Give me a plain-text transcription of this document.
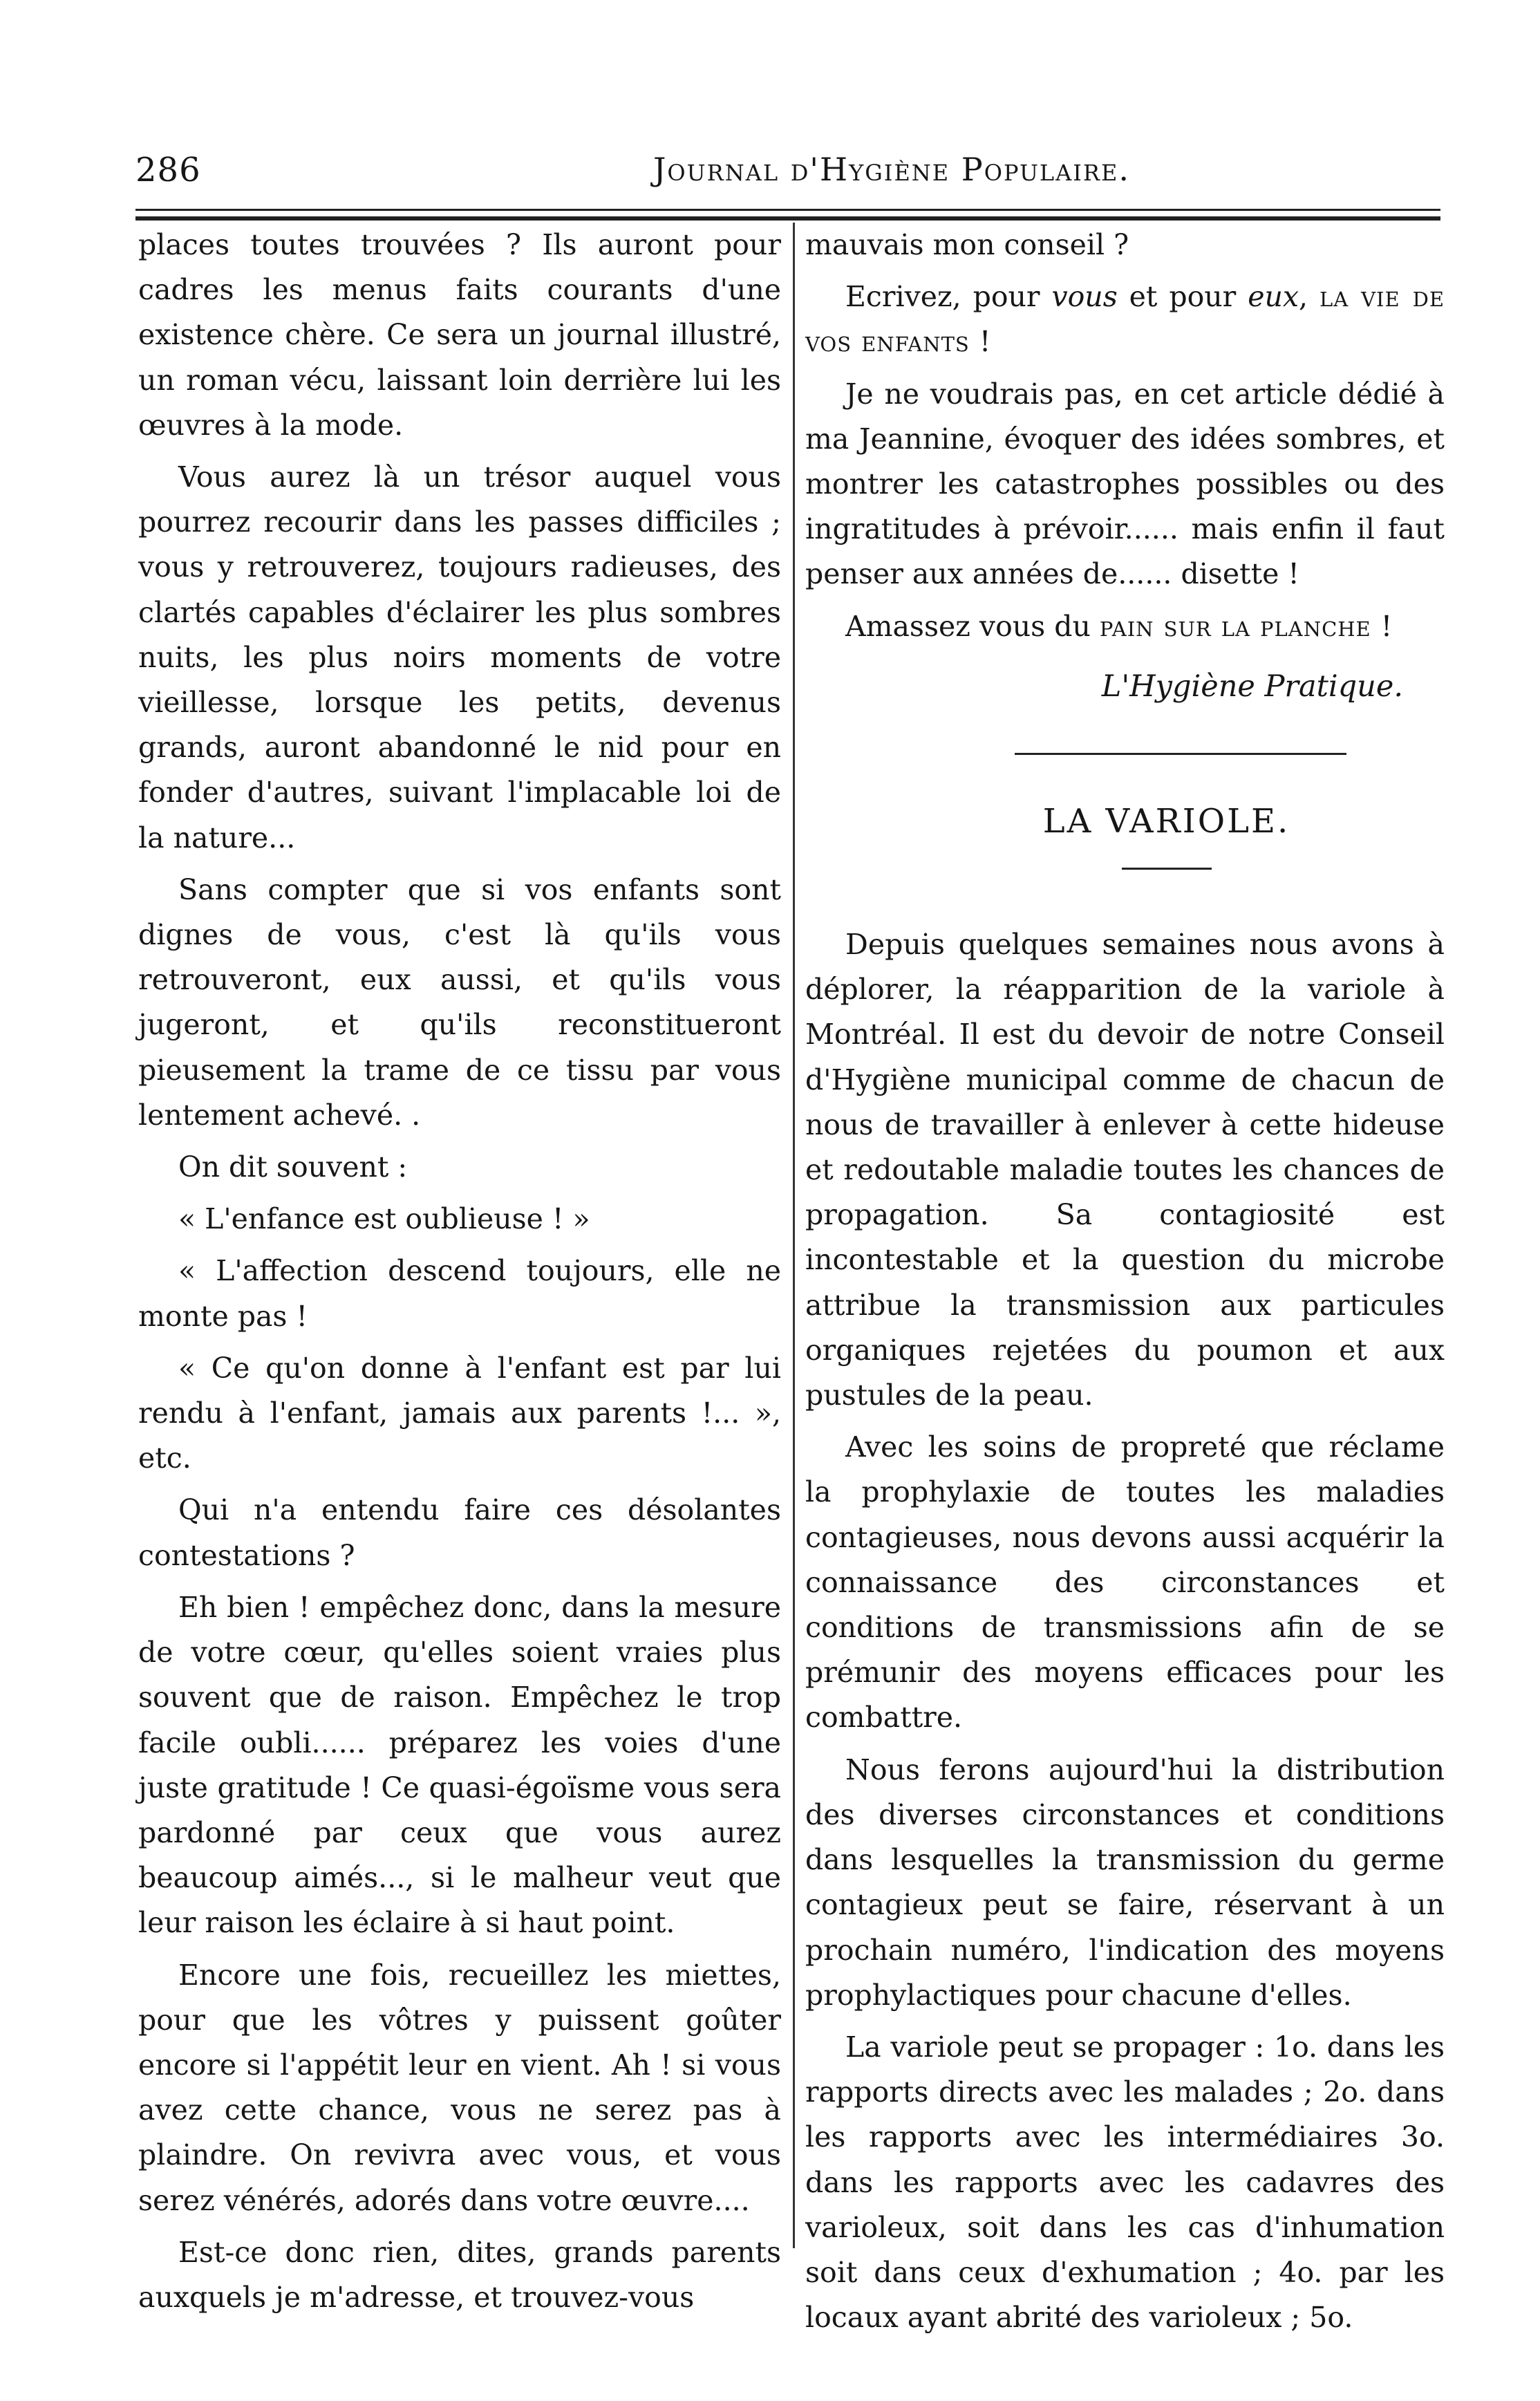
286	Journal d'Hygiène Populaire.

places toutes trouvées ? Ils auront pour cadres les menus faits courants d'une existence chère. Ce sera un journal illustré, un roman vécu, laissant loin derrière lui les œuvres à la mode.

Vous aurez là un trésor auquel vous pourrez recourir dans les passes difficiles ; vous y retrouverez, toujours radieuses, des clartés capables d'éclairer les plus sombres nuits, les plus noirs moments de votre vieillesse, lorsque les petits, devenus grands, auront abandonné le nid pour en fonder d'autres, suivant l'implacable loi de la nature...

Sans compter que si vos enfants sont dignes de vous, c'est là qu'ils vous retrouveront, eux aussi, et qu'ils vous jugeront, et qu'ils reconstitueront pieusement la trame de ce tissu par vous lentement achevé. .

On dit souvent :

« L'enfance est oublieuse ! »

« L'affection descend toujours, elle ne monte pas !

« Ce qu'on donne à l'enfant est par lui rendu à l'enfant, jamais aux parents !... », etc.

Qui n'a entendu faire ces désolantes contestations ?

Eh bien ! empêchez donc, dans la mesure de votre cœur, qu'elles soient vraies plus souvent que de raison. Empêchez le trop facile oubli...... préparez les voies d'une juste gratitude ! Ce quasi-égoïsme vous sera pardonné par ceux que vous aurez beaucoup aimés..., si le malheur veut que leur raison les éclaire à si haut point.

Encore une fois, recueillez les miettes, pour que les vôtres y puissent goûter encore si l'appétit leur en vient. Ah ! si vous avez cette chance, vous ne serez pas à plaindre. On revivra avec vous, et vous serez vénérés, adorés dans votre œuvre....

Est-ce donc rien, dites, grands parents auxquels je m'adresse, et trouvez-vous

mauvais mon conseil ?

Ecrivez, pour vous et pour eux, la vie de vos enfants !

Je ne voudrais pas, en cet article dédié à ma Jeannine, évoquer des idées sombres, et montrer les catastrophes possibles ou des ingratitudes à prévoir...... mais enfin il faut penser aux années de...... disette !

Amassez vous du pain sur la planche !

L'Hygiène Pratique.
LA VARIOLE.

Depuis quelques semaines nous avons à déplorer, la réapparition de la variole à Montréal. Il est du devoir de notre Conseil d'Hygiène municipal comme de chacun de nous de travailler à enlever à cette hideuse et redoutable maladie toutes les chances de propagation. Sa contagiosité est incontestable et la question du microbe attribue la transmission aux particules organiques rejetées du poumon et aux pustules de la peau.

Avec les soins de propreté que réclame la prophylaxie de toutes les maladies contagieuses, nous devons aussi acquérir la connaissance des circonstances et conditions de transmissions afin de se prémunir des moyens efficaces pour les combattre.

Nous ferons aujourd'hui la distribution des diverses circonstances et conditions dans lesquelles la transmission du germe contagieux peut se faire, réservant à un prochain numéro, l'indication des moyens prophylactiques pour chacune d'elles.

La variole peut se propager : 1o. dans les rapports directs avec les malades ; 2o. dans les rapports avec les intermédiaires 3o. dans les rapports avec les cadavres des varioleux, soit dans les cas d'inhumation soit dans ceux d'exhumation ; 4o. par les locaux ayant abrité des varioleux ; 5o.
